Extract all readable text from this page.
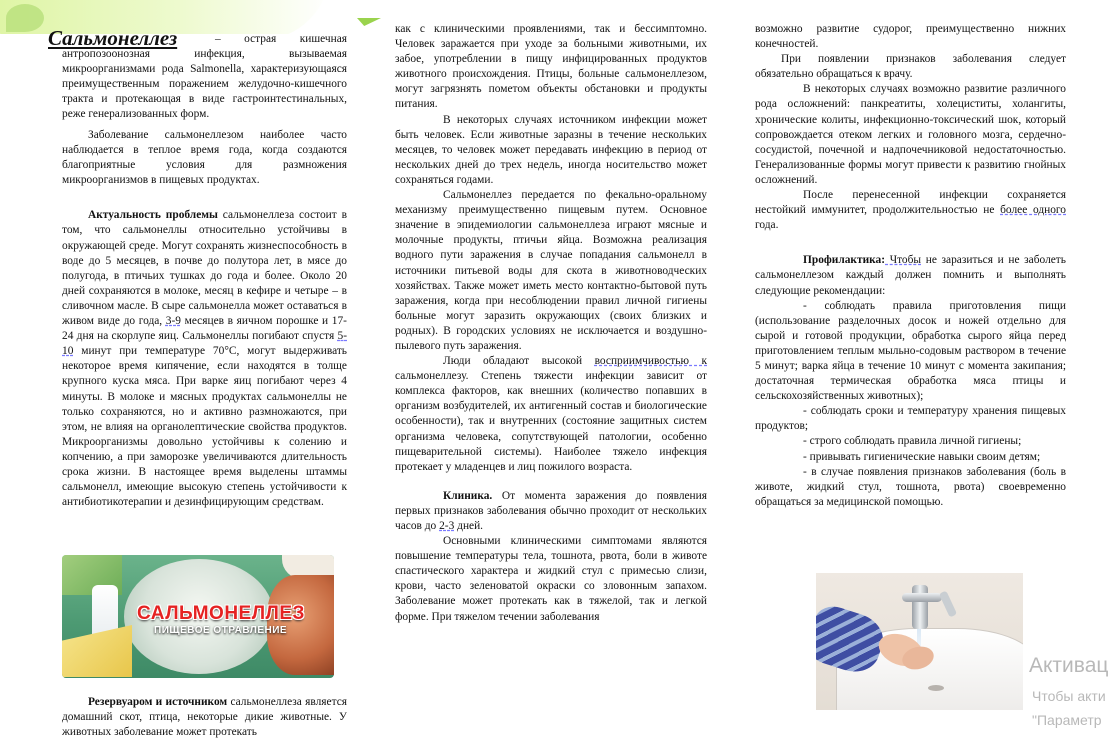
Сальмонеллез	– острая кишечная антропозоонозная инфекция, вызываемая микроорганизмами рода Salmonella, характеризующаяся преимущественным поражением желудочно-кишечного тракта и протекающая в виде гастроинтестинальных, реже генерализованных форм.

Заболевание сальмонеллезом наиболее часто наблюдается в теплое время года, когда создаются благоприятные условия для размножения микроорганизмов в пищевых продуктах.

Актуальность проблемы сальмонеллеза состоит в том, что сальмонеллы относительно устойчивы в окружающей среде. Могут сохранять жизнеспособность в воде до 5 месяцев, в почве до полутора лет, в мясе до полугода, в птичьих тушках до года и более. Около 20 дней сохраняются в молоке, месяц в кефире и четыре – в сливочном масле. В сыре сальмонелла может оставаться в живом виде до года, 3-9 месяцев в яичном порошке и 17-24 дня на скорлупе яиц. Сальмонеллы погибают спустя 5-10 минут при температуре 70°С, могут выдерживать некоторое время кипячение, если находятся в толще крупного куска мяса. При варке яиц погибают через 4 минуты. В молоке и мясных продуктах сальмонеллы не только сохраняются, но и активно размножаются, при этом, не влияя на органолептические свойства продуктов. Микроорганизмы довольно устойчивы к солению и копчению, а при заморозке увеличиваются длительность срока жизни. В настоящее время выделены штаммы сальмонелл, имеющие высокую степень устойчивости к антибиотикотерапии и дезинфицирующим средствам.

САЛЬМОНЕЛЛЕЗ
ПИЩЕВОЕ ОТРАВЛЕНИЕ

Резервуаром и источником сальмонеллеза является домашний скот, птица, некоторые дикие животные. У животных заболевание может протекать

как с клиническими проявлениями, так и бессимптомно. Человек заражается при уходе за больными животными, их забое, употреблении в пищу инфицированных продуктов животного происхождения. Птицы, больные сальмонеллезом, могут загрязнять пометом объекты обстановки и продукты питания.

В некоторых случаях источником инфекции может быть человек. Если животные заразны в течение нескольких месяцев, то человек может передавать инфекцию в период от нескольких дней до трех недель, иногда носительство может сохраняться годами.

Сальмонеллез передается по фекально-оральному механизму преимущественно пищевым путем. Основное значение в эпидемиологии сальмонеллеза играют мясные и молочные продукты, птичьи яйца. Возможна реализация водного пути заражения в случае попадания сальмонелл в источники питьевой воды для скота в животноводческих хозяйствах. Также может иметь место контактно-бытовой путь заражения, когда при несоблюдении правил личной гигиены больные могут заразить окружающих (своих близких и родных). В городских условиях не исключается и воздушно-пылевого путь заражения.

Люди обладают высокой восприимчивостью к сальмонеллезу. Степень тяжести инфекции зависит от комплекса факторов, как внешних (количество попавших в организм возбудителей, их антигенный состав и биологические особенности), так и внутренних (состояние защитных систем организма человека, сопутствующей патологии, особенно пищеварительной системы). Наиболее тяжело инфекция протекает у младенцев и лиц пожилого возраста.

Клиника. От момента заражения до появления первых признаков заболевания обычно проходит от нескольких часов до 2-3 дней.

Основными клиническими симптомами являются повышение температуры тела, тошнота, рвота, боли в животе спастического характера и жидкий стул с примесью слизи, крови, часто зеленоватой окраски со зловонным запахом. Заболевание может протекать как в тяжелой, так и легкой форме. При тяжелом течении заболевания

возможно развитие судорог, преимущественно нижних конечностей.

При появлении признаков заболевания следует обязательно обращаться к врачу.

В некоторых случаях возможно развитие различного рода осложнений: панкреатиты, холециститы, холангиты, хронические колиты, инфекционно-токсический шок, который сопровождается отеком легких и головного мозга, сердечно-сосудистой, почечной и надпочечниковой недостаточностью. Генерализованные формы могут привести к развитию гнойных осложнений.

После перенесенной инфекции сохраняется нестойкий иммунитет, продолжительностью не более одного года.

Профилактика: Чтобы не заразиться и не заболеть сальмонеллезом каждый должен помнить и выполнять следующие рекомендации:

- соблюдать правила приготовления пищи (использование разделочных досок и ножей отдельно для сырой и готовой продукции, обработка сырого яйца перед приготовлением теплым мыльно-содовым раствором в течение 5 минут; варка яйца в течение 10 минут с момента закипания; достаточная термическая обработка мяса птицы и сельскохозяйственных животных);

- соблюдать сроки и температуру хранения пищевых продуктов;

- строго соблюдать правила личной гигиены;

- привывать гигиенические навыки своим детям;

- в случае появления признаков заболевания (боль в животе, жидкий стул, тошнота, рвота) своевременно обращаться за медицинской помощью.

Активац
Чтобы акти
"Параметр
